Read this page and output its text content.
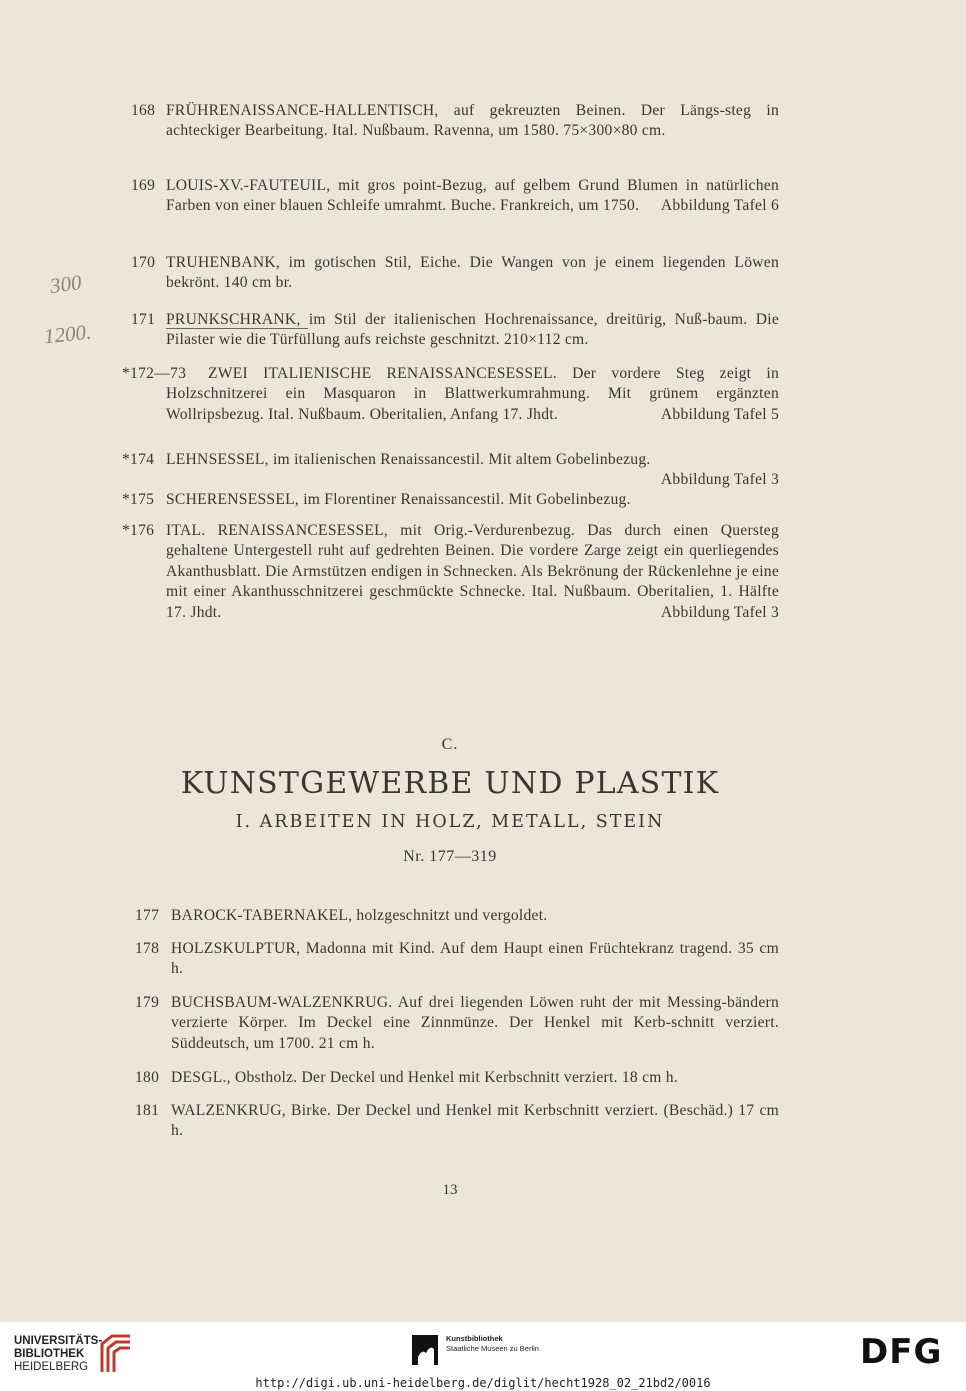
300
1200.
168 FRÜHRENAISSANCE-HALLENTISCH, auf gekreuzten Beinen. Der Längs-steg in achteckiger Bearbeitung. Ital. Nußbaum. Ravenna, um 1580. 75×300×80 cm.
169 LOUIS-XV.-FAUTEUIL, mit gros point-Bezug, auf gelbem Grund Blumen in natürlichen Farben von einer blauen Schleife umrahmt. Buche. Frankreich, um 1750. Abbildung Tafel 6
170 TRUHENBANK, im gotischen Stil, Eiche. Die Wangen von je einem liegenden Löwen bekrönt. 140 cm br.
171 PRUNKSCHRANK, im Stil der italienischen Hochrenaissance, dreitürig, Nuß-baum. Die Pilaster wie die Türfüllung aufs reichste geschnitzt. 210×112 cm.
*172—73	ZWEI ITALIENISCHE RENAISSANCESESSEL. Der vordere Steg zeigt in Holzschnitzerei ein Masquaron in Blattwerkumrahmung. Mit grünem ergänzten Wollripsbezug. Ital. Nußbaum. Oberitalien, Anfang 17. Jhdt.	Abbildung Tafel 5
*174 LEHNSESSEL, im italienischen Renaissancestil. Mit altem Gobelinbezug.
Abbildung Tafel 3
*175 SCHERENSESSEL, im Florentiner Renaissancestil. Mit Gobelinbezug.
*176 ITAL. RENAISSANCESESSEL, mit Orig.-Verdurenbezug. Das durch einen Quersteg gehaltene Untergestell ruht auf gedrehten Beinen. Die vordere Zarge zeigt ein querliegendes Akanthusblatt. Die Armstützen endigen in Schnecken. Als Bekrönung der Rückenlehne je eine mit einer Akanthusschnitzerei geschmückte Schnecke. Ital. Nußbaum. Oberitalien, 1. Hälfte 17. Jhdt.	Abbildung Tafel 3
C.
KUNSTGEWERBE UND PLASTIK
I. ARBEITEN IN HOLZ, METALL, STEIN
Nr. 177—319
177 BAROCK-TABERNAKEL, holzgeschnitzt und vergoldet.
178 HOLZSKULPTUR, Madonna mit Kind. Auf dem Haupt einen Früchtekranz tragend. 35 cm h.
179 BUCHSBAUM-WALZENKRUG. Auf drei liegenden Löwen ruht der mit Messing-bändern verzierte Körper. Im Deckel eine Zinnmünze. Der Henkel mit Kerb-schnitt verziert. Süddeutsch, um 1700. 21 cm h.
180 DESGL., Obstholz. Der Deckel und Henkel mit Kerbschnitt verziert. 18 cm h.
181 WALZENKRUG, Birke. Der Deckel und Henkel mit Kerbschnitt verziert. (Beschäd.) 17 cm h.
13
UNIVERSITÄTS-
BIBLIOTHEK
HEIDELBERG
Kunstbibliothek
Staatliche Museen zu Berlin	DFG
http://digi.ub.uni-heidelberg.de/diglit/hecht1928_02_21bd2/0016
